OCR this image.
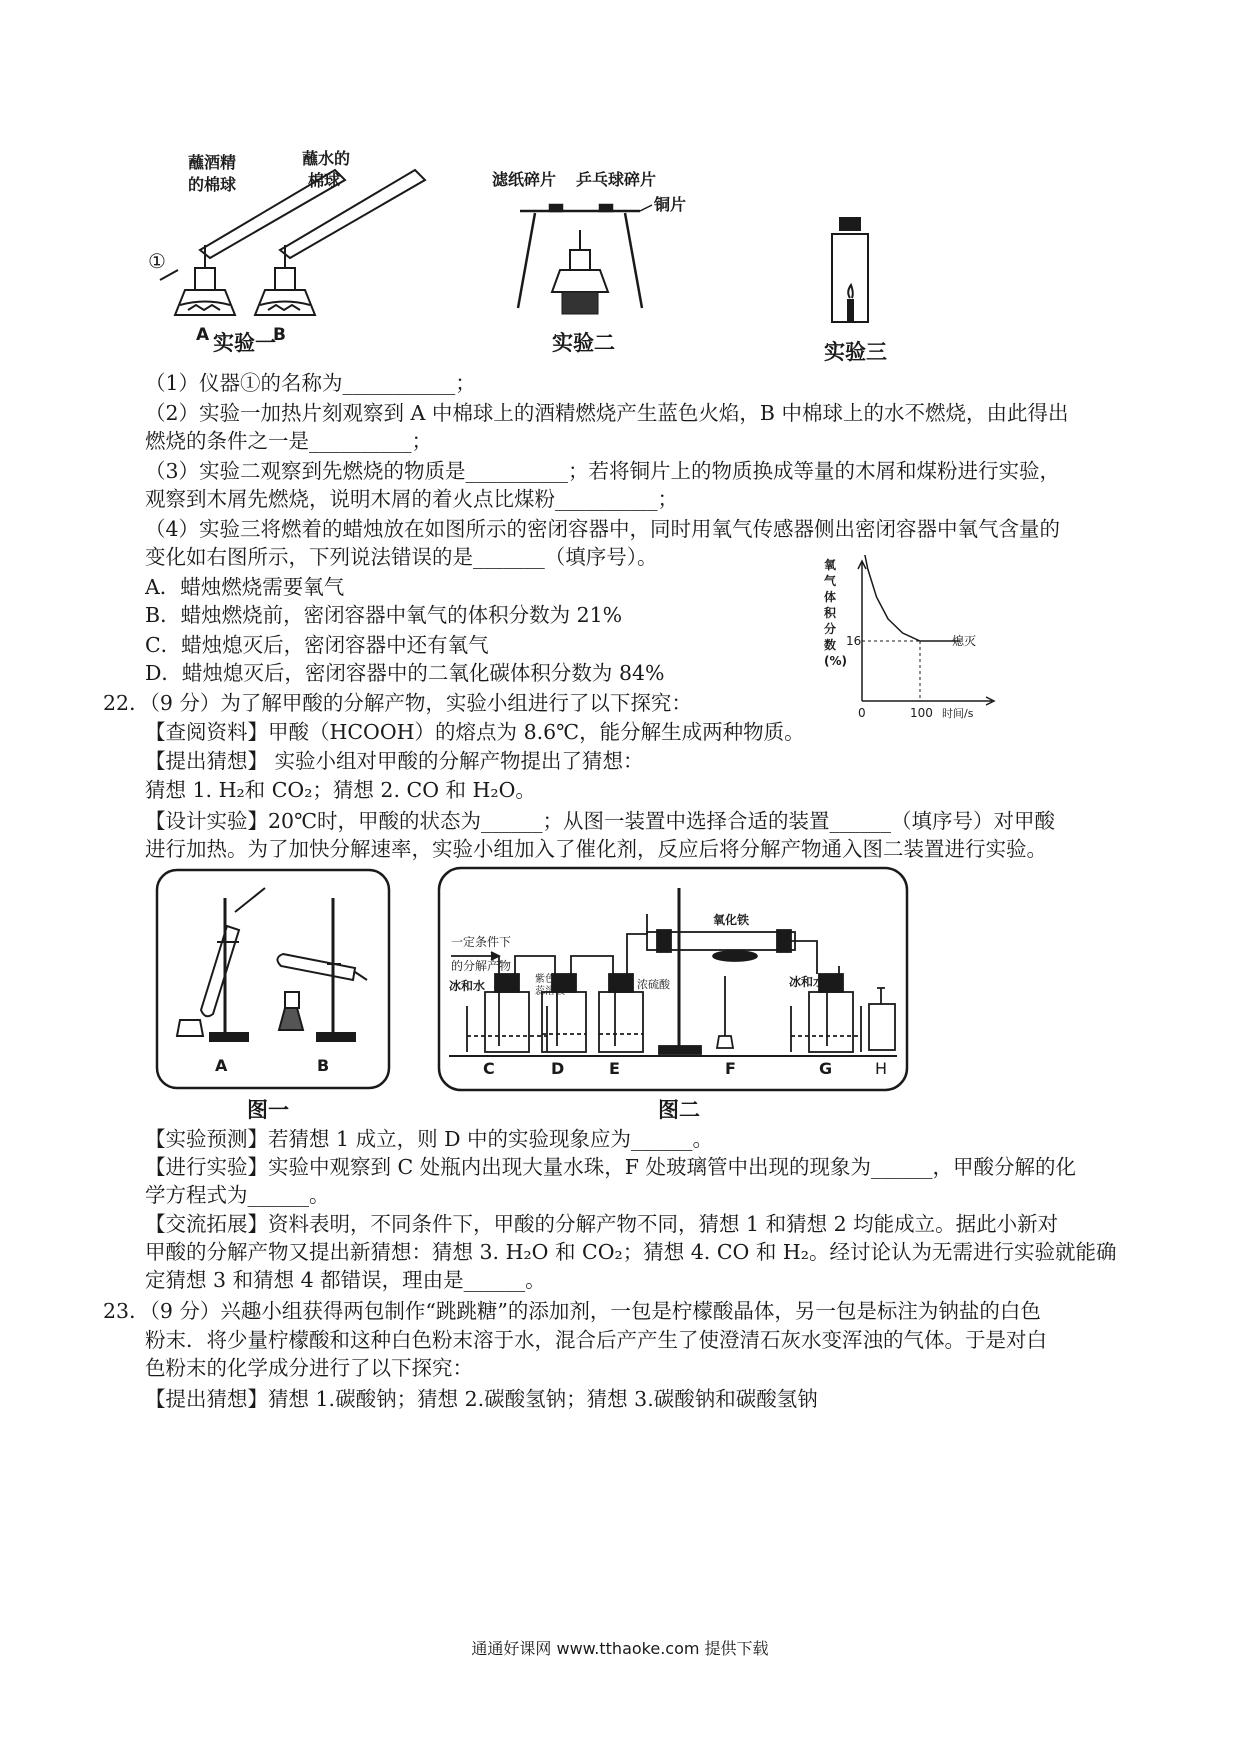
蘸酒精
的棉球
蘸水的
棉球
①
A	B
滤纸碎片 乒乓球碎片
铜片
实验一	实验二	实验三
（1）仪器①的名称为___________；
（2）实验一加热片刻观察到 A 中棉球上的酒精燃烧产生蓝色火焰，B 中棉球上的水不燃烧，由此得出
燃烧的条件之一是__________；
（3）实验二观察到先燃烧的物质是__________；若将铜片上的物质换成等量的木屑和煤粉进行实验，
观察到木屑先燃烧，说明木屑的着火点比煤粉__________；
（4）实验三将燃着的蜡烛放在如图所示的密闭容器中，同时用氧气传感器侧出密闭容器中氧气含量的
变化如右图所示，下列说法错误的是_______（填序号）。
A．蜡烛燃烧需要氧气
B．蜡烛燃烧前，密闭容器中氧气的体积分数为 21%
C．蜡烛熄灭后，密闭容器中还有氧气
D．蜡烛熄灭后，密闭容器中的二氧化碳体积分数为 84%
氧
气
体
积
分
数
(%)
时间/s
16
0	100
熄灭
22．（9 分）为了解甲酸的分解产物，实验小组进行了以下探究：
【查阅资料】甲酸（HCOOH）的熔点为 8.6℃，能分解生成两种物质。
【提出猜想】 实验小组对甲酸的分解产物提出了猜想：
猜想 1. H₂和 CO₂；猜想 2. CO 和 H₂O。
【设计实验】20℃时，甲酸的状态为______；从图一装置中选择合适的装置______（填序号）对甲酸
进行加热。为了加快分解速率，实验小组加入了催化剂，反应后将分解产物通入图二装置进行实验。
A	B
图一
一定条件下
的分解产物
冰和水	紫色石
蕊溶液
浓硫酸
氧化铁
冰和水
C	D	E	F	G	H
图二
【实验预测】若猜想 1 成立，则 D 中的实验现象应为______。
【进行实验】实验中观察到 C 处瓶内出现大量水珠，F 处玻璃管中出现的现象为______，甲酸分解的化
学方程式为______。
【交流拓展】资料表明，不同条件下，甲酸的分解产物不同，猜想 1 和猜想 2 均能成立。据此小新对
甲酸的分解产物又提出新猜想：猜想 3. H₂O 和 CO₂；猜想 4. CO 和 H₂。经讨论认为无需进行实验就能确
定猜想 3 和猜想 4 都错误，理由是______。
23．（9 分）兴趣小组获得两包制作“跳跳糖”的添加剂，一包是柠檬酸晶体，另一包是标注为钠盐的白色
粉末．将少量柠檬酸和这种白色粉末溶于水，混合后产产生了使澄清石灰水变浑浊的气体。于是对白
色粉末的化学成分进行了以下探究：
【提出猜想】猜想 1.碳酸钠；猜想 2.碳酸氢钠；猜想 3.碳酸钠和碳酸氢钠
通通好课网 www.tthaoke.com 提供下载
